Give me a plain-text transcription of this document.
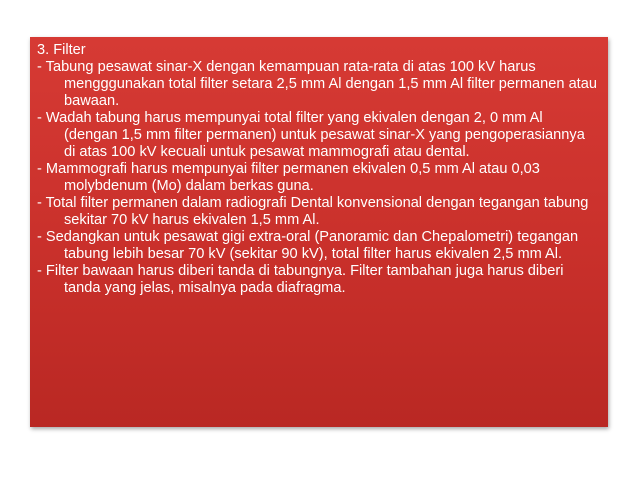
3. Filter

- Tabung pesawat sinar-X dengan kemampuan rata-rata di atas 100 kV harus mengggunakan total filter setara 2,5 mm Al dengan 1,5 mm Al filter permanen atau bawaan.

- Wadah tabung harus mempunyai total filter yang ekivalen dengan 2, 0 mm Al (dengan 1,5 mm filter permanen) untuk pesawat sinar-X yang pengoperasiannya di atas 100 kV kecuali untuk pesawat mammografi atau dental.

- Mammografi harus mempunyai filter permanen ekivalen 0,5 mm Al atau 0,03 molybdenum (Mo) dalam berkas guna.

- Total filter permanen dalam radiografi Dental konvensional dengan tegangan tabung sekitar 70 kV harus ekivalen 1,5 mm Al.

- Sedangkan untuk pesawat gigi extra-oral (Panoramic dan Chepalometri) tegangan tabung lebih besar 70 kV (sekitar 90 kV), total filter harus ekivalen 2,5 mm Al.

- Filter bawaan harus diberi tanda di tabungnya. Filter tambahan juga harus diberi tanda yang jelas, misalnya pada diafragma.
